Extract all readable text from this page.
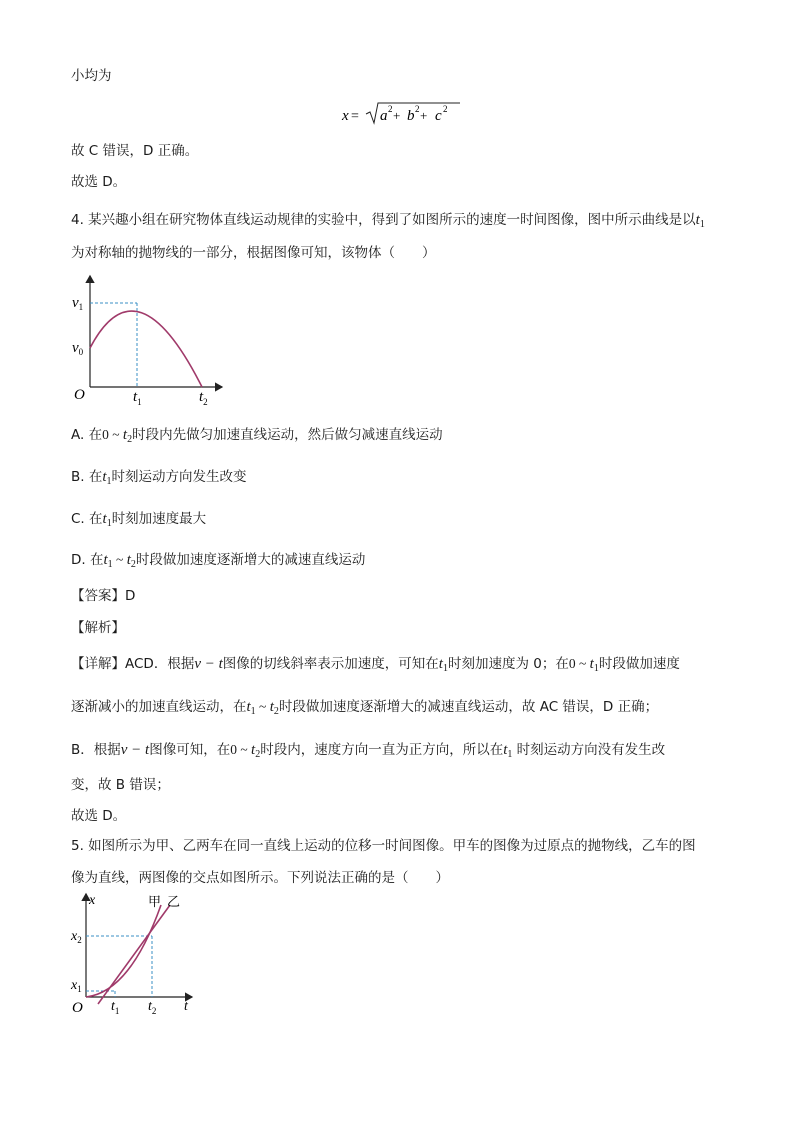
小均为
x = a 2 + b 2 + c 2
故 C 错误，D 正确。
故选 D。
4. 某兴趣小组在研究物体直线运动规律的实验中，得到了如图所示的速度一时间图像，图中所示曲线是以$t_1$
为对称轴的抛物线的一部分，根据图像可知，该物体（　　）
$v_1$
$v_0$
O	$t_1$	$t_2$
A. 在0 ~ $t_2$时段内先做匀加速直线运动，然后做匀减速直线运动
B. 在$t_1$时刻运动方向发生改变
C. 在$t_1$时刻加速度最大
D. 在$t_1$ ~ $t_2$时段做加速度逐渐增大的减速直线运动
【答案】D
【解析】
【详解】ACD．根据v − t图像的切线斜率表示加速度，可知在$t_1$时刻加速度为 0；在0 ~ $t_1$时段做加速度
逐渐减小的加速直线运动，在$t_1$ ~ $t_2$时段做加速度逐渐增大的减速直线运动，故 AC 错误，D 正确；
B．根据v − t图像可知，在0 ~ $t_2$时段内，速度方向一直为正方向，所以在$t_1$ 时刻运动方向没有发生改
变，故 B 错误；
故选 D。
5. 如图所示为甲、乙两车在同一直线上运动的位移一时间图像。甲车的图像为过原点的抛物线，乙车的图
像为直线，两图像的交点如图所示。下列说法正确的是（　　）
x	甲 乙
$x_2$
$x_1$
O $t_1$ $t_2$ t
